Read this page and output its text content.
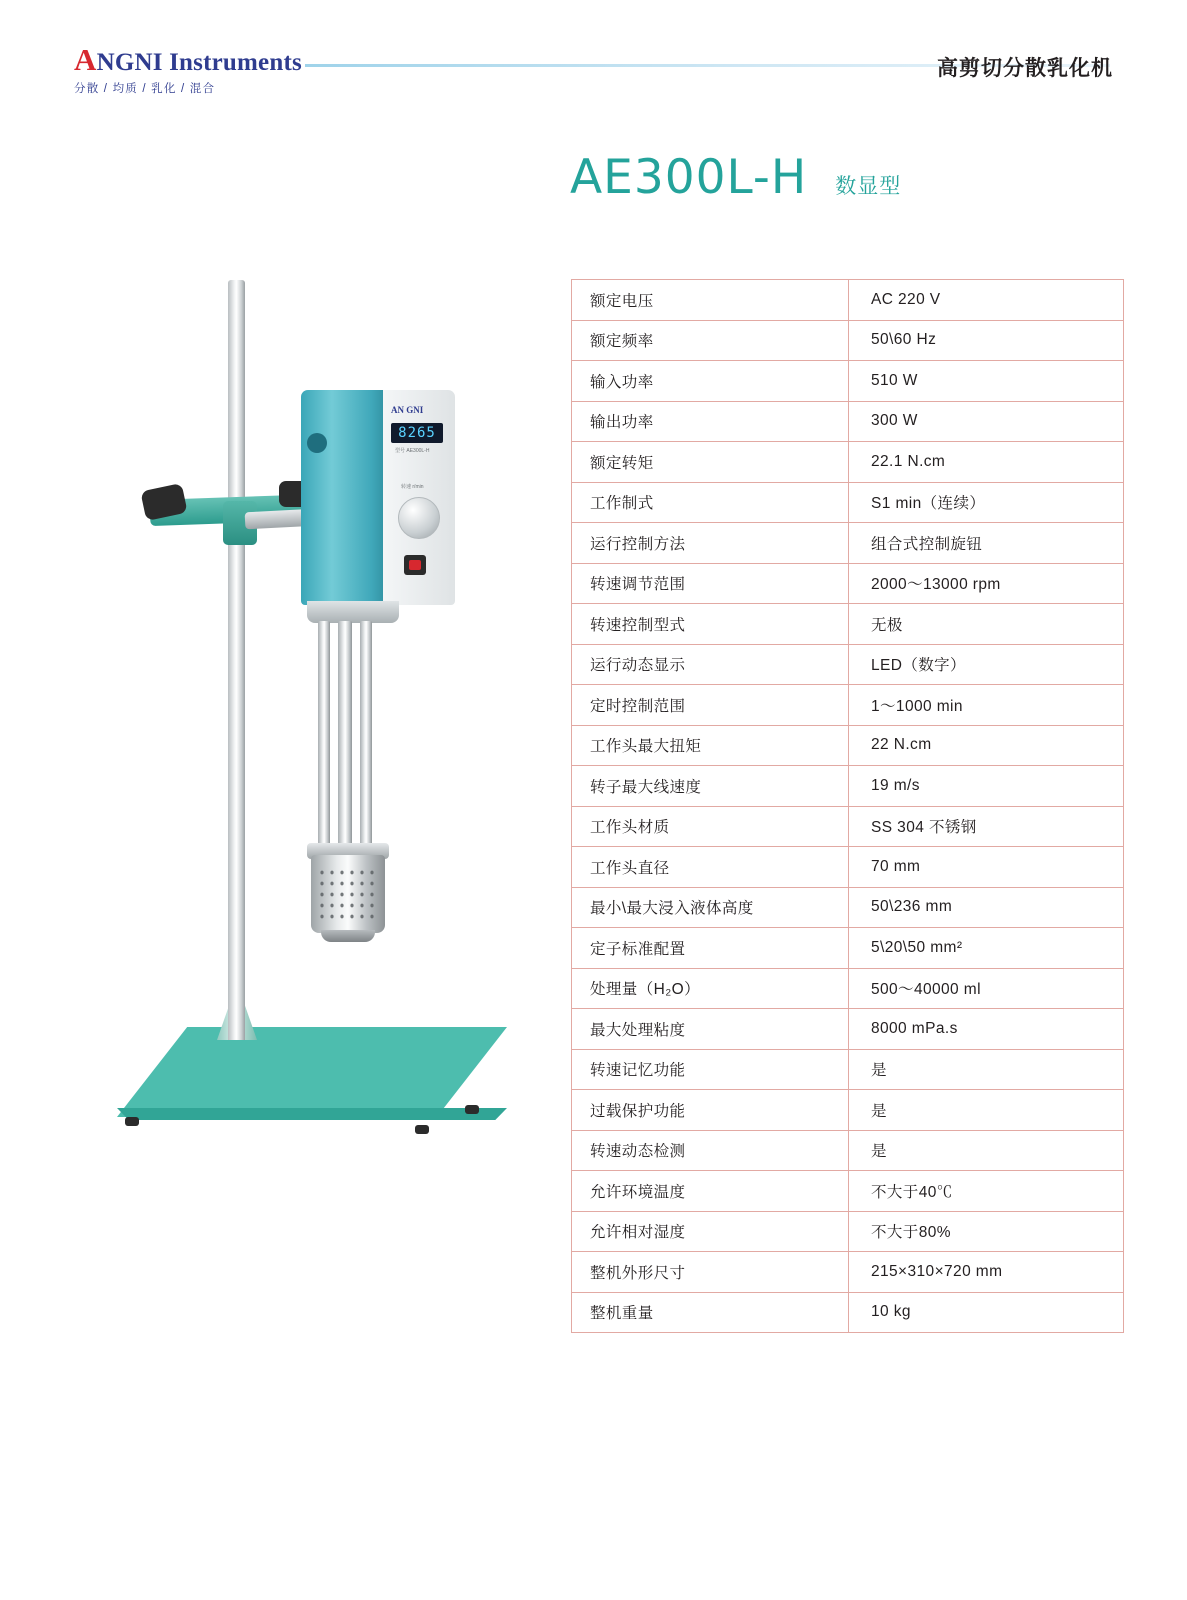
ANGNI Instruments
分散 / 均质 / 乳化 / 混合
高剪切分散乳化机
AE300L-H 数显型
AN GNI
8265
型号 AE300L-H
转速 r/min
额定电压	AC 220 V
额定频率	50\60 Hz
输入功率	510 W
输出功率	300 W
额定转矩	22.1 N.cm
工作制式	S1 min（连续）
运行控制方法	组合式控制旋钮
转速调节范围	2000～13000 rpm
转速控制型式	无极
运行动态显示	LED（数字）
定时控制范围	1～1000 min
工作头最大扭矩	22 N.cm
转子最大线速度	19 m/s
工作头材质	SS 304 不锈钢
工作头直径	70 mm
最小\最大浸入液体高度	50\236 mm
定子标准配置	5\20\50 mm²
处理量（H₂O）	500～40000 ml
最大处理粘度	8000 mPa.s
转速记忆功能	是
过载保护功能	是
转速动态检测	是
允许环境温度	不大于40℃
允许相对湿度	不大于80%
整机外形尺寸	215×310×720 mm
整机重量	10 kg
